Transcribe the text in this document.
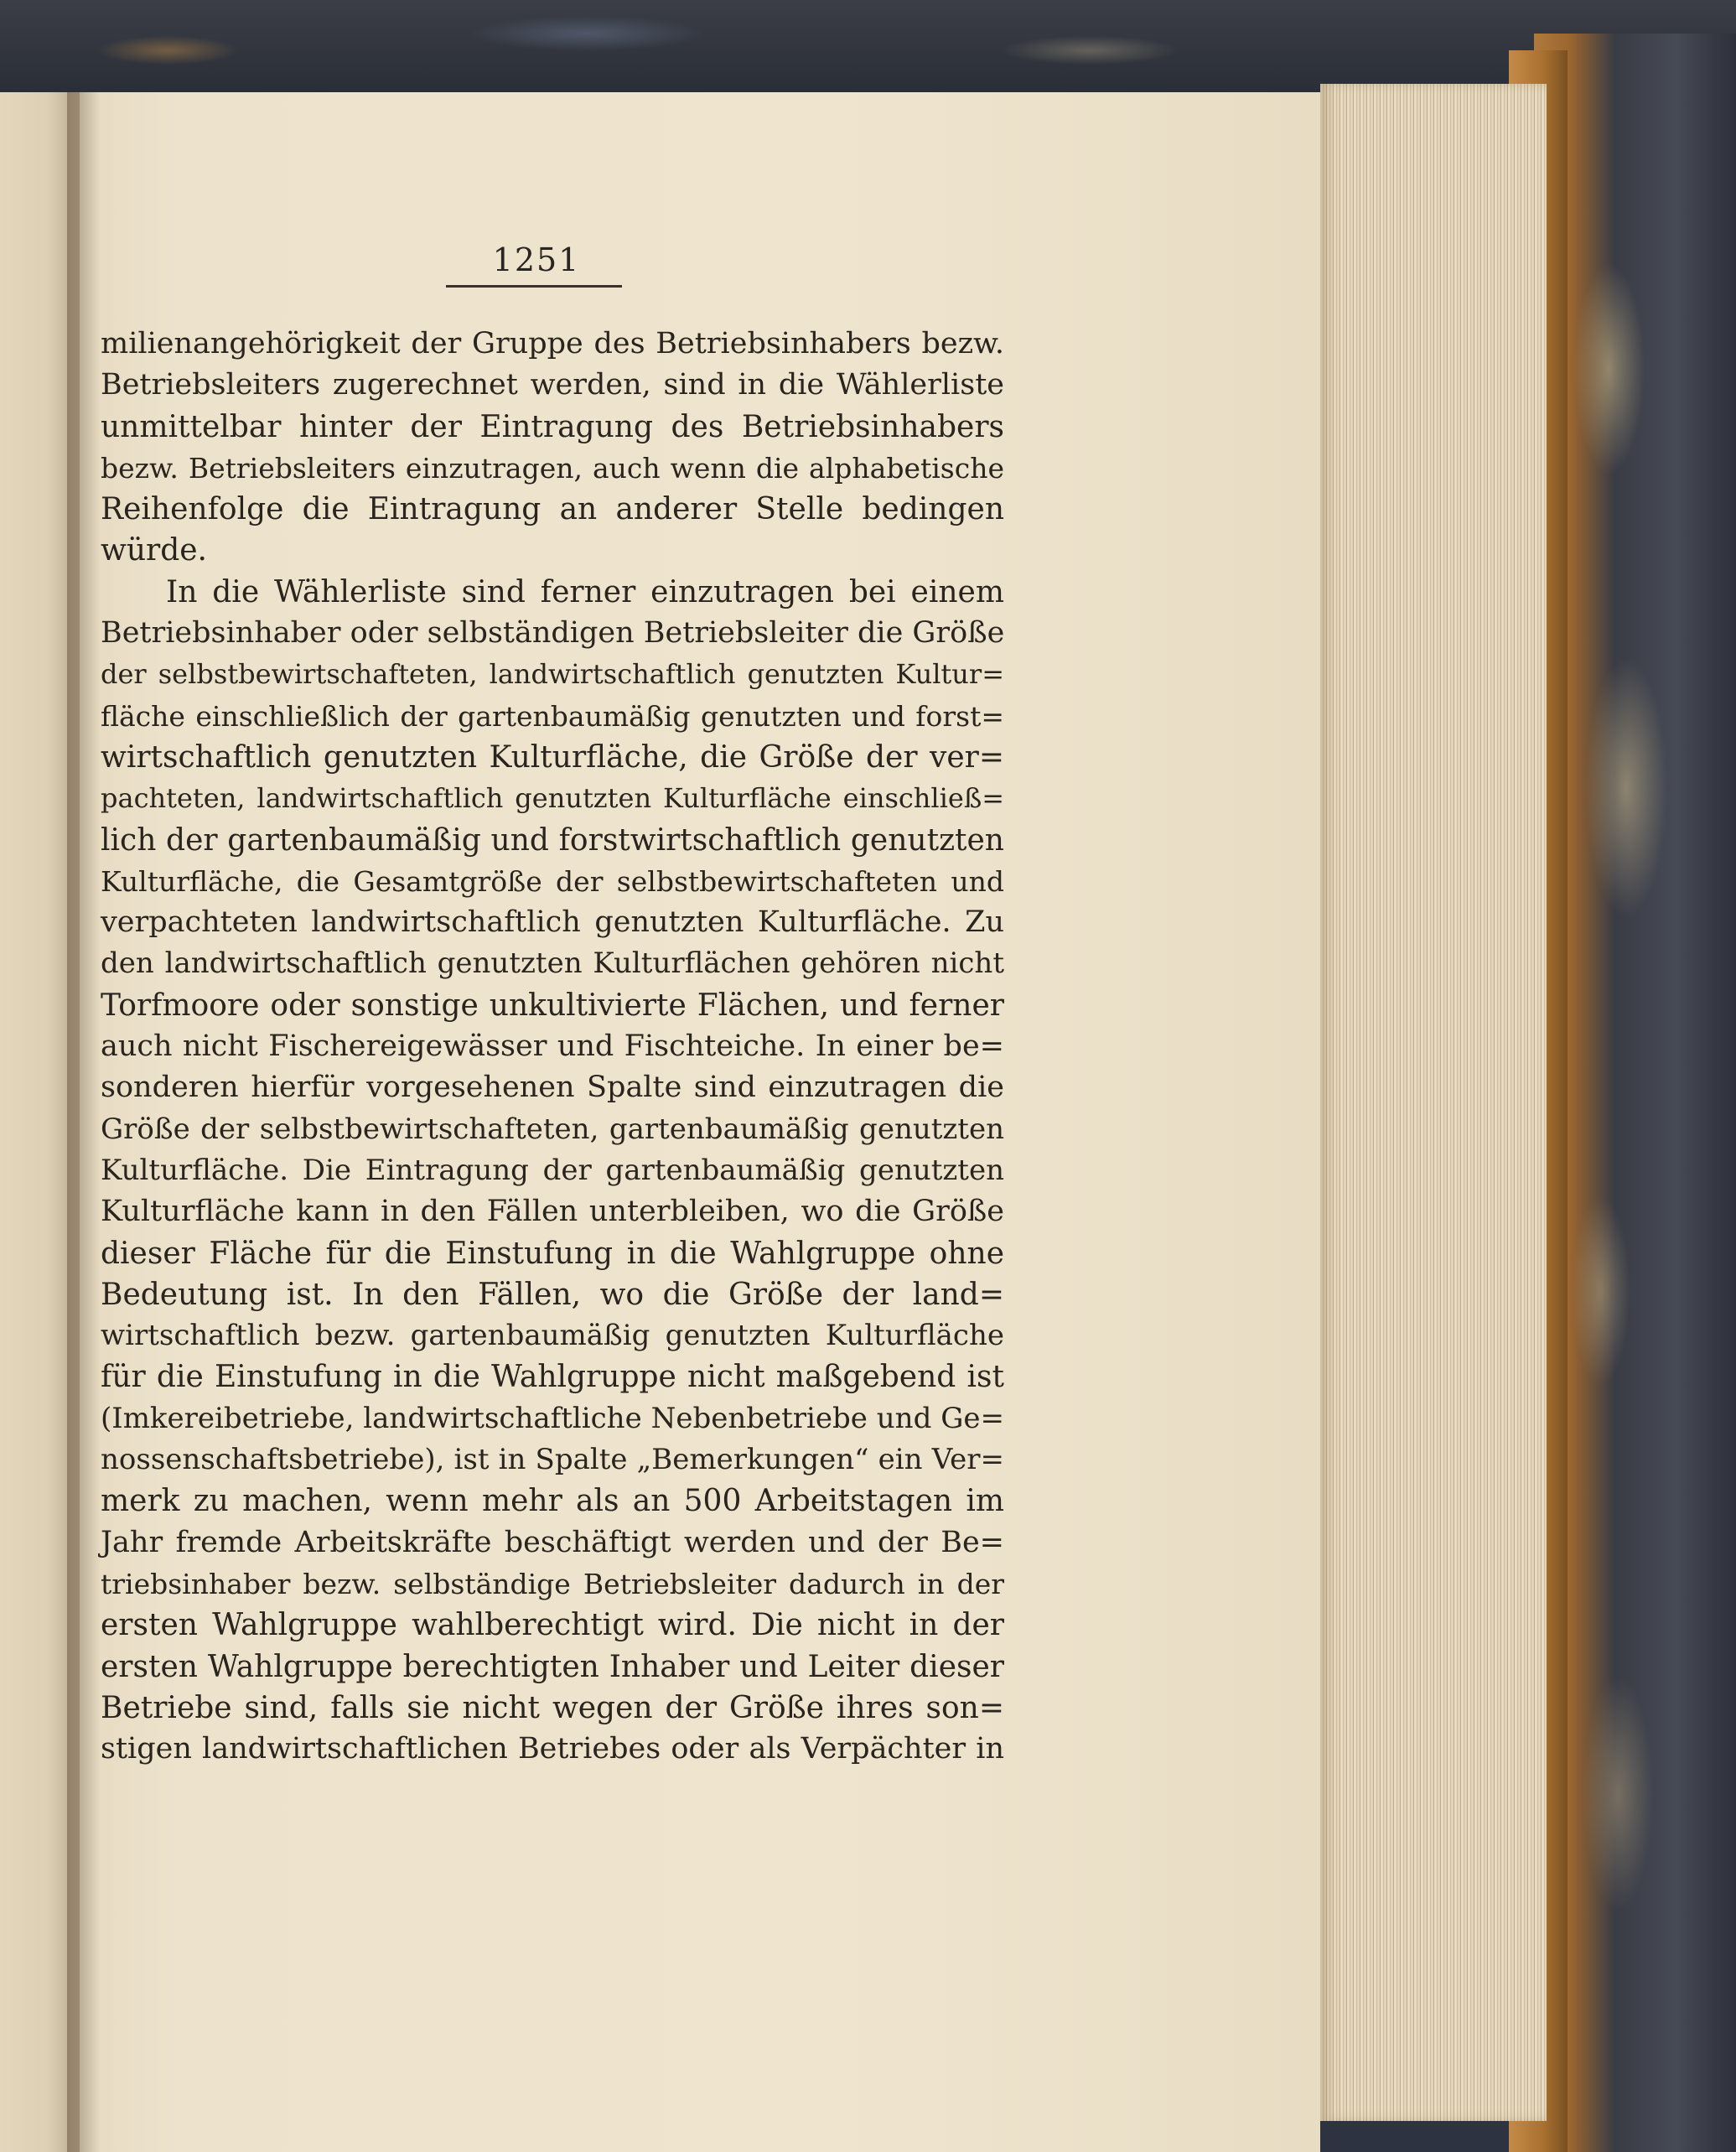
1251
milienangehörigkeit der Gruppe des Betriebsinhabers bezw.
Betriebsleiters zugerechnet werden, sind in die Wählerliste
unmittelbar hinter der Eintragung des Betriebsinhabers
bezw. Betriebsleiters einzutragen, auch wenn die alphabetische
Reihenfolge die Eintragung an anderer Stelle bedingen
würde.
In die Wählerliste sind ferner einzutragen bei einem
Betriebsinhaber oder selbständigen Betriebsleiter die Größe
der selbstbewirtschafteten, landwirtschaftlich genutzten Kultur=
fläche einschließlich der gartenbaumäßig genutzten und forst=
wirtschaftlich genutzten Kulturfläche, die Größe der ver=
pachteten, landwirtschaftlich genutzten Kulturfläche einschließ=
lich der gartenbaumäßig und forstwirtschaftlich genutzten
Kulturfläche, die Gesamtgröße der selbstbewirtschafteten und
verpachteten landwirtschaftlich genutzten Kulturfläche. Zu
den landwirtschaftlich genutzten Kulturflächen gehören nicht
Torfmoore oder sonstige unkultivierte Flächen, und ferner
auch nicht Fischereigewässer und Fischteiche. In einer be=
sonderen hierfür vorgesehenen Spalte sind einzutragen die
Größe der selbstbewirtschafteten, gartenbaumäßig genutzten
Kulturfläche. Die Eintragung der gartenbaumäßig genutzten
Kulturfläche kann in den Fällen unterbleiben, wo die Größe
dieser Fläche für die Einstufung in die Wahlgruppe ohne
Bedeutung ist. In den Fällen, wo die Größe der land=
wirtschaftlich bezw. gartenbaumäßig genutzten Kulturfläche
für die Einstufung in die Wahlgruppe nicht maßgebend ist
(Imkereibetriebe, landwirtschaftliche Nebenbetriebe und Ge=
nossenschaftsbetriebe), ist in Spalte „Bemerkungen“ ein Ver=
merk zu machen, wenn mehr als an 500 Arbeitstagen im
Jahr fremde Arbeitskräfte beschäftigt werden und der Be=
triebsinhaber bezw. selbständige Betriebsleiter dadurch in der
ersten Wahlgruppe wahlberechtigt wird. Die nicht in der
ersten Wahlgruppe berechtigten Inhaber und Leiter dieser
Betriebe sind, falls sie nicht wegen der Größe ihres son=
stigen landwirtschaftlichen Betriebes oder als Verpächter in
